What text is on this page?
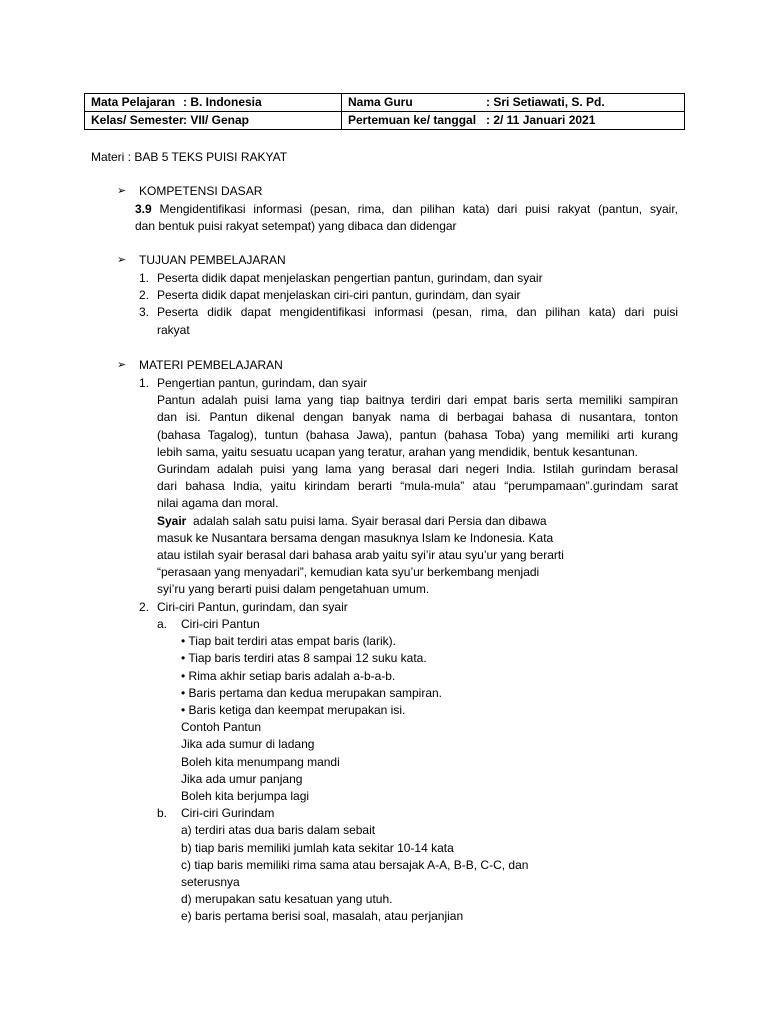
Mata Pelajaran : B. Indonesia	Nama Guru : Sri Setiawati, S. Pd.
Kelas/ Semester: VII/ Genap	Pertemuan ke/ tanggal : 2/ 11 Januari 2021
Materi : BAB 5 TEKS PUISI RAKYAT
➢	KOMPETENSI DASAR
3.9 Mengidentifikasi informasi (pesan, rima, dan pilihan kata) dari puisi rakyat (pantun, syair,
dan bentuk puisi rakyat setempat) yang dibaca dan didengar
➢	TUJUAN PEMBELAJARAN
1. Peserta didik dapat menjelaskan pengertian pantun, gurindam, dan syair
2. Peserta didik dapat menjelaskan ciri-ciri pantun, gurindam, dan syair
3. Peserta didik dapat mengidentifikasi informasi (pesan, rima, dan pilihan kata) dari puisi
rakyat
➢	MATERI PEMBELAJARAN
1. Pengertian pantun, gurindam, dan syair
Pantun adalah puisi lama yang tiap baitnya terdiri dari empat baris serta memiliki sampiran
dan isi. Pantun dikenal dengan banyak nama di berbagai bahasa di nusantara, tonton
(bahasa Tagalog), tuntun (bahasa Jawa), pantun (bahasa Toba) yang memiliki arti kurang
lebih sama, yaitu sesuatu ucapan yang teratur, arahan yang mendidik, bentuk kesantunan.
Gurindam adalah puisi yang lama yang berasal dari negeri India. Istilah gurindam berasal
dari bahasa India, yaitu kirindam berarti “mula-mula” atau “perumpamaan”.gurindam sarat
nilai agama dan moral.
Syair  adalah salah satu puisi lama. Syair berasal dari Persia dan dibawa
masuk ke Nusantara bersama dengan masuknya Islam ke Indonesia. Kata
atau istilah syair berasal dari bahasa arab yaitu syi’ir atau syu’ur yang berarti
“perasaan yang menyadari”, kemudian kata syu’ur berkembang menjadi
syi’ru yang berarti puisi dalam pengetahuan umum.
2. Ciri-ciri Pantun, gurindam, dan syair
a. Ciri-ciri Pantun
• Tiap bait terdiri atas empat baris (larik).
• Tiap baris terdiri atas 8 sampai 12 suku kata.
• Rima akhir setiap baris adalah a-b-a-b.
• Baris pertama dan kedua merupakan sampiran.
• Baris ketiga dan keempat merupakan isi.
Contoh Pantun
Jika ada sumur di ladang
Boleh kita menumpang mandi
Jika ada umur panjang
Boleh kita berjumpa lagi
b. Ciri-ciri Gurindam
a) terdiri atas dua baris dalam sebait
b) tiap baris memiliki jumlah kata sekitar 10-14 kata
c) tiap baris memiliki rima sama atau bersajak A-A, B-B, C-C, dan
seterusnya
d) merupakan satu kesatuan yang utuh.
e) baris pertama berisi soal, masalah, atau perjanjian
